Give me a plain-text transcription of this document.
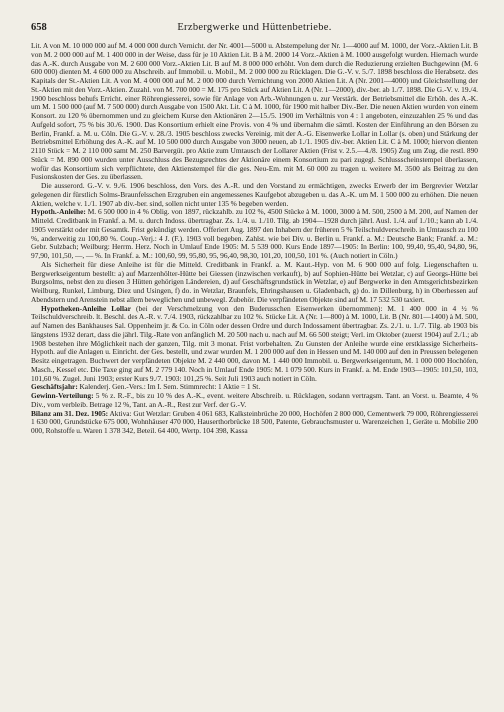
658	Erzbergwerke und Hüttenbetriebe.

Lit. A von M. 10 000 000 auf M. 4 000 000 durch Vernicht. der Nr. 4001—5000 u. Abstempelung der Nr. 1—4000 auf M. 1000, der Vorz.-Aktien Lit. B von M. 2 000 000 auf M. 1 400 000 in der Weise, dass für je 10 Aktien Lit. B à M. 2000 14 Vorz.-Aktien à M. 1000 ausgefolgt wurden. Hiernach wurde das A.-K. durch Ausgabe von M. 2 600 000 Vorz.-Aktien Lit. B auf M. 8 000 000 erhöht. Von dem durch die Reduzierung erzielten Buchgewinn (M. 6 600 000) dienten M. 4 600 000 zu Abschreib. auf Immobil. u. Mobil., M. 2 000 000 zu Rücklagen. Die G.-V. v. 5./7. 1898 beschloss die Herabsetz. des Kapitals der St.-Aktien Lit. A von M. 4 000 000 auf M. 2 000 000 durch Vernichtung von 2000 Aktien Lit. A (Nr. 2001—4000) und Gleichstellung der St.-Aktien mit den Vorz.-Aktien. Zuzahl. von M. 700 000 = M. 175 pro Stück auf Aktien Lit. A (Nr. 1—2000), div.-ber. ab 1./7. 1898. Die G.-V. v. 19./4. 1900 beschloss behufs Erricht. einer Röhrengiesserei, sowie für Anlage von Arb.-Wohnungen u. zur Verstärk. der Betriebsmittel die Erhöh. des A.-K. um M. 1 500 000 (auf M. 7 500 000) durch Ausgabe von 1500 Akt. Lit. C à M. 1000, für 1900 mit halber Div.-Ber. Die neuen Aktien wurden von einem Konsort. zu 120 % übernommen und zu gleichem Kurse den Aktionären 2—15./5. 1900 im Verhältnis von 4 : 1 angeboten, einzuzahlen 25 % und das Aufgeld sofort, 75 % bis 30./6. 1900. Das Konsortium erhielt eine Provis. von 4 % und übernahm die sämtl. Kosten der Einführung an den Börsen zu Berlin, Frankf. a. M. u. Cöln. Die G.-V. v. 28./3. 1905 beschloss zwecks Vereinig. mit der A.-G. Eisenwerke Lollar in Lollar (s. oben) und Stärkung der Betriebsmittel Erhöhung des A.-K. auf M. 10 500 000 durch Ausgabe von 3000 neuen, ab 1./1. 1905 div.-ber. Aktien Lit. C à M. 1000; hiervon dienten 2110 Stück = M. 2 110 000 samt M. 250 Barvergüt. pro Aktie zum Umtausch der Lollarer Aktien (Frist v. 2.5.—4./8. 1905) Zug um Zug, die restl. 890 Stück = M. 890 000 wurden unter Ausschluss des Bezugsrechtes der Aktionäre einem Konsortium zu pari zugegl. Schlussscheinstempel überlassen, wofür das Konsortium sich verpflichtete, den Aktienstempel für die ges. Neu-Em. mit M. 60 000 zu tragen u. weitere M. 3500 als Beitrag zu den Fusionskosten der Ges. zu überlassen.

Die ausserord. G.-V. v. 9./6. 1906 beschloss, den Vors. des A.-R. und den Vorstand zu ermächtigen, zwecks Erwerb der im Bergrevier Wetzlar gelegenen dir fürstlich Solms-Braunfelsschen Erzgruben ein angemessenes Kaufgebot abzugeben u. das A.-K. um M. 1 500 000 zu erhöhen. Die neuen Aktien, welche v. 1./1. 1907 ab div.-ber. sind, sollen nicht unter 135 % begeben werden.

Hypoth.-Anleihe: M. 6 500 000 in 4 % Oblig. von 1897, rückzahlb. zu 102 %, 4500 Stücke à M. 1000, 3000 à M. 500, 2500 à M. 200, auf Namen der Mitteld. Creditbank in Frankf. a. M. u. durch Indoss. übertragbar. Zs. 1./4. u. 1./10. Tilg. ab 1904—1928 durch jährl. Ausl. 1./4. auf 1./10.; kann ab 1./4. 1905 verstärkt oder mit Gesamtk. Frist gekündigt werden. Offeriert Aug. 1897 den Inhabern der früheren 5 % Teilschuldverschreib. in Umtausch zu 100 %, anderweitig zu 100,80 %. Coup.-Verj.: 4 J. (F.). 1903 voll begeben. Zahlst. wie bei Div. u. Berlin u. Frankf. a. M.: Deutsche Bank; Frankf. a. M.: Gebr. Sulzbach; Weilburg: Herrm. Herz. Noch in Umlauf Ende 1905: M. 5 539 000. Kurs Ende 1897—1905: In Berlin: 100, 99,40, 95,40, 94,80, 96, 97,90, 101,50, —, — %. In Frankf. a. M.: 100,60, 99, 95,80, 95, 96,40, 98,30, 101,20, 100,50, 101 %. (Auch notiert in Cöln.)

Als Sicherheit für diese Anleihe ist für die Mitteld. Creditbank in Frankf. a. M. Kaut.-Hyp. von M. 6 900 000 auf folg. Liegenschaften u. Bergwerkseigentum bestellt: a) auf Marzenhölter-Hütte bei Giessen (inzwischen verkauft), b) auf Sophien-Hütte bei Wetzlar, c) auf Georgs-Hütte bei Burgsolms, nebst den zu diesen 3 Hütten gehörigen Ländereien, d) auf Geschäftsgrundstück in Wetzlar, e) auf Bergwerke in den Amtsgerichtsbezirken Weilburg, Runkel, Limburg, Diez und Usingen, f) do. in Wetzlar, Braunfels, Ehringshausen u. Gladenbach, g) do. in Dillenburg, h) in Oberhessen auf Abendstern und Arenstein nebst allem beweglichen und unbewegl. Zubehör. Die verpfändeten Objekte sind auf M. 17 532 530 taxiert.

Hypotheken-Anleihe Lollar (bei der Verschmelzung von den Buderusschen Eisenwerken übernommen): M. 1 400 000 in 4 ½ % Teilschuldverschreib. lt. Beschl. des A.-R. v. 7./4. 1903, rückzahlbar zu 102 %. Stücke Lit. A (Nr. 1—800) à M. 1000, Lit. B (Nr. 801—1400) à M. 500, auf Namen des Bankhauses Sal. Oppenheim jr. & Co. in Cöln oder dessen Ordre und durch Indossament übertragbar. Zs. 2./1. u. 1./7. Tilg. ab 1903 bis längstens 1932 derart, dass die jährl. Tilg.-Rate von anfänglich M. 20 500 nach u. nach auf M. 66 500 steigt; Verl. im Oktober (zuerst 1904) auf 2./1.; ab 1908 bestehen ihre Möglichkeit nach der ganzen, Tilg. mit 3 monat. Frist vorbehalten. Zu Gunsten der Anleihe wurde eine erstklassige Sicherheits-Hypoth. auf die Anlagen u. Einricht. der Ges. bestellt, und zwar wurden M. 1 200 000 auf den in Hessen und M. 140 000 auf den in Preussen belegenen Besitz eingetragen. Buchwert der verpfändeten Objekte M. 2 440 000, davon M. 1 440 000 Immobil. u. Bergwerkseigentum, M. 1 000 000 Hochöfen, Masch., Kessel etc. Die Taxe ging auf M. 2 779 140. Noch in Umlauf Ende 1905: M. 1 079 500. Kurs in Frankf. a. M. Ende 1903—1905: 101,50, 103, 101,60 %. Zugel. Juni 1903; erster Kurs 9./7. 1903: 101,25 %. Seit Juli 1903 auch notiert in Cöln.

Geschäftsjahr: Kalenderj. Gen.-Vers.: Im I. Sem. Stimmrecht: 1 Aktie = 1 St.

Gewinn-Verteilung: 5 % z. R.-F., bis zu 10 % des A.-K., event. weitere Abschreib. u. Rücklagen, sodann vertragsm. Tant. an Vorst. u. Beamte, 4 % Div., vom verbleib. Betrage 12 %, Tant. an A.-R., Rest zur Verf. der G.-V.

Bilanz am 31. Dez. 1905: Aktiva: Gut Wetzlar: Gruben 4 061 683, Kalksteinbrüche 20 000, Hochöfen 2 800 000, Cementwerk 79 000, Röhrengiesserei 1 630 000, Grundstücke 675 000, Wohnhäuser 470 000, Hauserthorbrücke 18 500, Patente, Gebrauchsmuster u. Warenzeichen 1, Geräte u. Mobilie 200 000, Rohstoffe u. Waren 1 378 342, Beteil. 64 400, Wertp. 104 398, Kassa
